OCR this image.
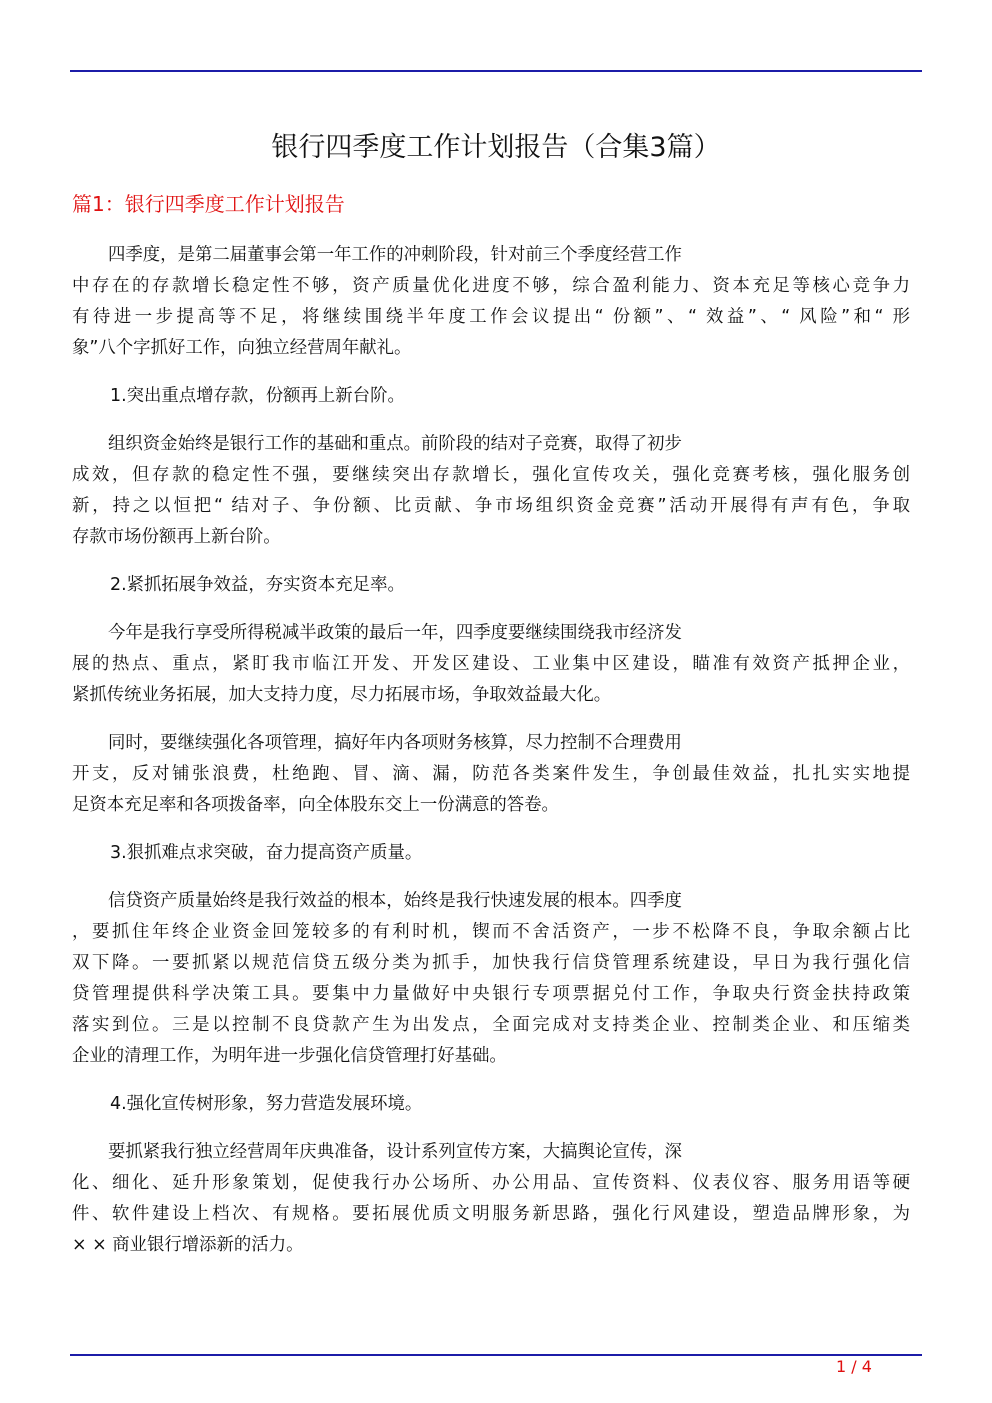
银行四季度工作计划报告（合集3篇）
篇1：银行四季度工作计划报告
四季度，是第二届董事会第一年工作的冲刺阶段，针对前三个季度经营工作
中存在的存款增长稳定性不够，资产质量优化进度不够，综合盈利能力、资本充足等核心竞争力
有待进一步提高等不足，将继续围绕半年度工作会议提出“ 份额”、“ 效益”、“ 风险”和“ 形
象”八个字抓好工作，向独立经营周年献礼。
1.突出重点增存款，份额再上新台阶。
组织资金始终是银行工作的基础和重点。前阶段的结对子竞赛，取得了初步
成效，但存款的稳定性不强，要继续突出存款增长，强化宣传攻关，强化竞赛考核，强化服务创
新，持之以恒把“ 结对子、争份额、比贡献、争市场组织资金竞赛”活动开展得有声有色，争取
存款市场份额再上新台阶。
2.紧抓拓展争效益，夯实资本充足率。
今年是我行享受所得税减半政策的最后一年，四季度要继续围绕我市经济发
展的热点、重点，紧盯我市临江开发、开发区建设、工业集中区建设，瞄准有效资产抵押企业，
紧抓传统业务拓展，加大支持力度，尽力拓展市场，争取效益最大化。
同时，要继续强化各项管理，搞好年内各项财务核算，尽力控制不合理费用
开支，反对铺张浪费，杜绝跑、冒、滴、漏，防范各类案件发生，争创最佳效益，扎扎实实地提
足资本充足率和各项拨备率，向全体股东交上一份满意的答卷。
3.狠抓难点求突破，奋力提高资产质量。
信贷资产质量始终是我行效益的根本，始终是我行快速发展的根本。四季度
，要抓住年终企业资金回笼较多的有利时机，锲而不舍活资产，一步不松降不良，争取余额占比
双下降。一要抓紧以规范信贷五级分类为抓手，加快我行信贷管理系统建设，早日为我行强化信
贷管理提供科学决策工具。要集中力量做好中央银行专项票据兑付工作，争取央行资金扶持政策
落实到位。三是以控制不良贷款产生为出发点，全面完成对支持类企业、控制类企业、和压缩类
企业的清理工作，为明年进一步强化信贷管理打好基础。
4.强化宣传树形象，努力营造发展环境。
要抓紧我行独立经营周年庆典准备，设计系列宣传方案，大搞舆论宣传，深
化、细化、延升形象策划，促使我行办公场所、办公用品、宣传资料、仪表仪容、服务用语等硬
件、软件建设上档次、有规格。要拓展优质文明服务新思路，强化行风建设，塑造品牌形象，为
× × 商业银行增添新的活力。
1 / 4
